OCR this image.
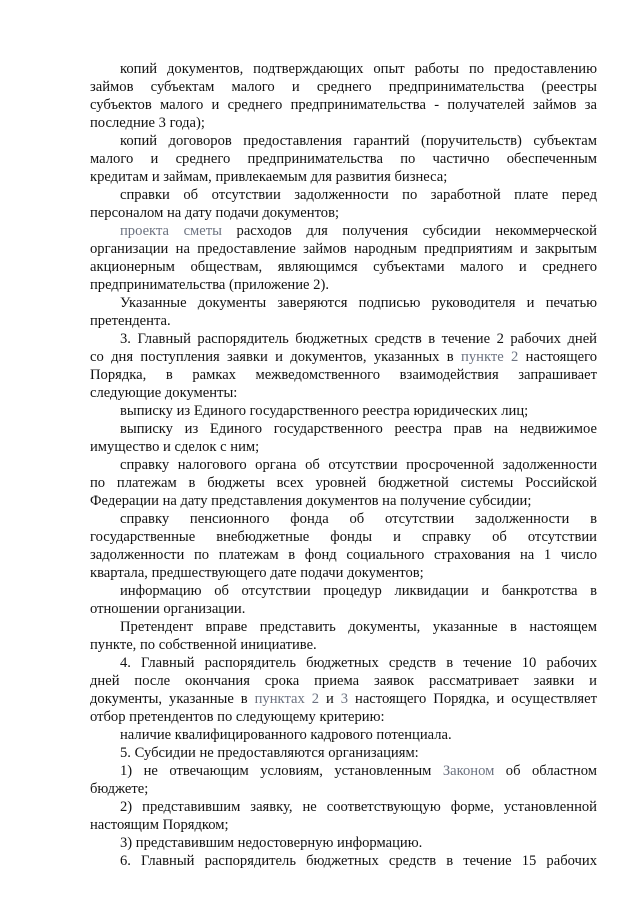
копий документов, подтверждающих опыт работы по предоставлению
займов субъектам малого и среднего предпринимательства (реестры
субъектов малого и среднего предпринимательства - получателей займов за
последние 3 года);
копий договоров предоставления гарантий (поручительств) субъектам
малого и среднего предпринимательства по частично обеспеченным
кредитам и займам, привлекаемым для развития бизнеса;
справки об отсутствии задолженности по заработной плате перед
персоналом на дату подачи документов;
проекта сметы расходов для получения субсидии некоммерческой
организации на предоставление займов народным предприятиям и закрытым
акционерным обществам, являющимся субъектами малого и среднего
предпринимательства (приложение 2).
Указанные документы заверяются подписью руководителя и печатью
претендента.
3. Главный распорядитель бюджетных средств в течение 2 рабочих дней
со дня поступления заявки и документов, указанных в пункте 2 настоящего
Порядка, в рамках межведомственного взаимодействия запрашивает
следующие документы:
выписку из Единого государственного реестра юридических лиц;
выписку из Единого государственного реестра прав на недвижимое
имущество и сделок с ним;
справку налогового органа об отсутствии просроченной задолженности
по платежам в бюджеты всех уровней бюджетной системы Российской
Федерации на дату представления документов на получение субсидии;
справку пенсионного фонда об отсутствии задолженности в
государственные внебюджетные фонды и справку об отсутствии
задолженности по платежам в фонд социального страхования на 1 число
квартала, предшествующего дате подачи документов;
информацию об отсутствии процедур ликвидации и банкротства в
отношении организации.
Претендент вправе представить документы, указанные в настоящем
пункте, по собственной инициативе.
4. Главный распорядитель бюджетных средств в течение 10 рабочих
дней после окончания срока приема заявок рассматривает заявки и
документы, указанные в пунктах 2 и 3 настоящего Порядка, и осуществляет
отбор претендентов по следующему критерию:
наличие квалифицированного кадрового потенциала.
5. Субсидии не предоставляются организациям:
1) не отвечающим условиям, установленным Законом об областном
бюджете;
2) представившим заявку, не соответствующую форме, установленной
настоящим Порядком;
3) представившим недостоверную информацию.
6. Главный распорядитель бюджетных средств в течение 15 рабочих
